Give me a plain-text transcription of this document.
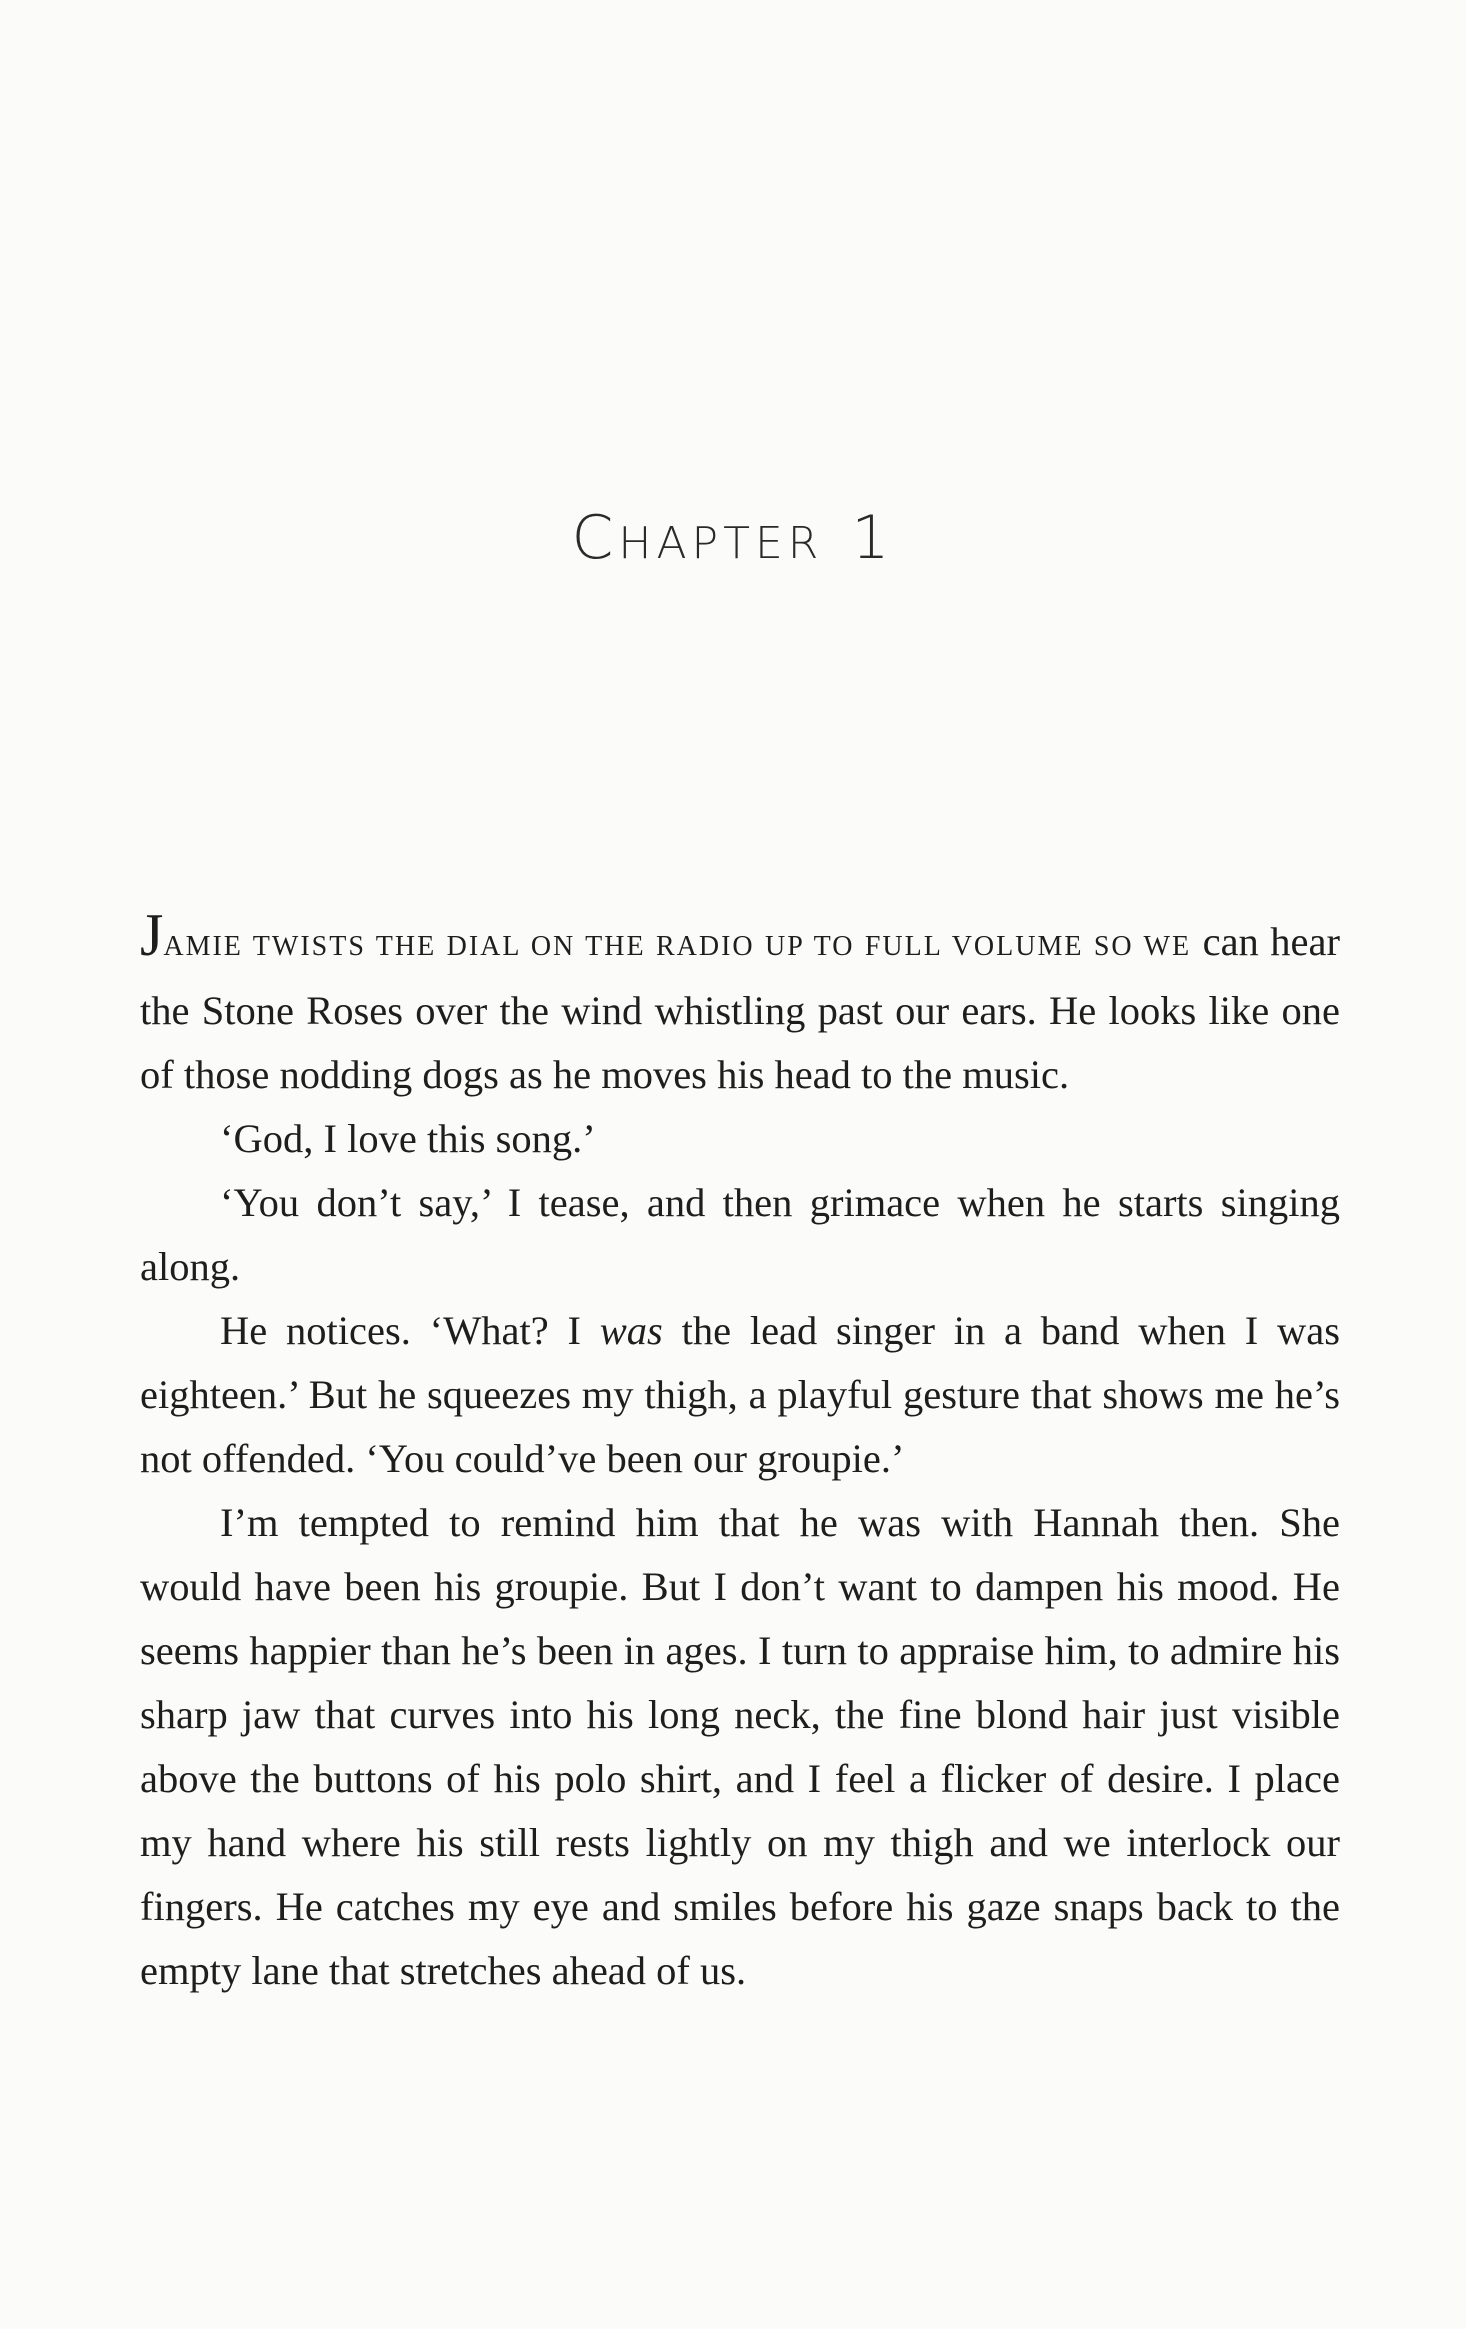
CHAPTER 1

JAMIE TWISTS THE DIAL ON THE RADIO UP TO FULL VOLUME SO WE can hear the Stone Roses over the wind whistling past our ears. He looks like one of those nodding dogs as he moves his head to the music.

‘God, I love this song.’

‘You don’t say,’ I tease, and then grimace when he starts singing along.

He notices. ‘What? I was the lead singer in a band when I was eighteen.’ But he squeezes my thigh, a playful gesture that shows me he’s not offended. ‘You could’ve been our groupie.’

I’m tempted to remind him that he was with Hannah then. She would have been his groupie. But I don’t want to dampen his mood. He seems happier than he’s been in ages. I turn to appraise him, to admire his sharp jaw that curves into his long neck, the fine blond hair just visible above the buttons of his polo shirt, and I feel a flicker of desire. I place my hand where his still rests lightly on my thigh and we interlock our fingers. He catches my eye and smiles before his gaze snaps back to the empty lane that stretches ahead of us.
